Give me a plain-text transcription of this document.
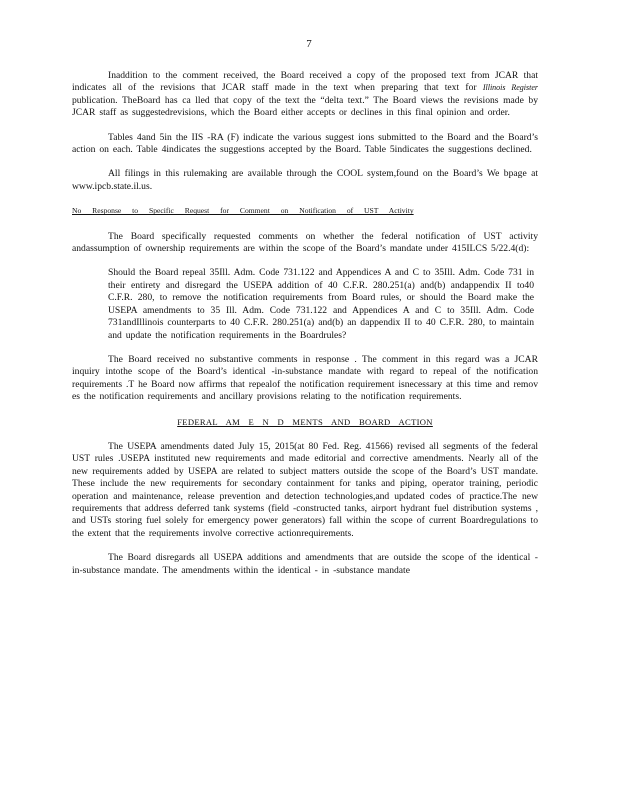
7

Inaddition to the comment received, the Board received a copy of the proposed text from JCAR that indicates all of the revisions that JCAR staff made in the text when preparing that text for Illinois Register publication. TheBoard has ca lled that copy of the text the “delta text.” The Board views the revisions made by JCAR staff as suggestedrevisions, which the Board either accepts or declines in this final opinion and order.

Tables 4and 5in the IIS -RA (F) indicate the various suggest ions submitted to the Board and the Board’s action on each. Table 4indicates the suggestions accepted by the Board. Table 5indicates the suggestions declined.

All filings in this rulemaking are available through the COOL system,found on the Board’s We bpage at www.ipcb.state.il.us.

No Response to Specific Request for Comment on Notification of UST Activity

The Board specifically requested comments on whether the federal notification of UST activity andassumption of ownership requirements are within the scope of the Board’s mandate under 415ILCS 5/22.4(d):

Should the Board repeal 35Ill. Adm. Code 731.122 and Appendices A and C to 35Ill. Adm. Code 731 in their entirety and disregard the USEPA addition of 40 C.F.R. 280.251(a) and(b) andappendix II to40 C.F.R. 280, to remove the notification requirements from Board rules, or should the Board make the USEPA amendments to 35 Ill. Adm. Code 731.122 and Appendices A and C to 35Ill. Adm. Code 731andIllinois counterparts to 40 C.F.R. 280.251(a) and(b) an dappendix II to 40 C.F.R. 280, to maintain and update the notification requirements in the Boardrules?

The Board received no substantive comments in response . The comment in this regard was a JCAR inquiry intothe scope of the Board’s identical -in-substance mandate with regard to repeal of the notification requirements .T he Board now affirms that repealof the notification requirement isnecessary at this time and remov es the notification requirements and ancillary provisions relating to the notification requirements.

FEDERAL AM E N D MENTS AND BOARD ACTION

The USEPA amendments dated July 15, 2015(at 80 Fed. Reg. 41566) revised all segments of the federal UST rules .USEPA instituted new requirements and made editorial and corrective amendments. Nearly all of the new requirements added by USEPA are related to subject matters outside the scope of the Board’s UST mandate. These include the new requirements for secondary containment for tanks and piping, operator training, periodic operation and maintenance, release prevention and detection technologies,and updated codes of practice.The new requirements that address deferred tank systems (field -constructed tanks, airport hydrant fuel distribution systems , and USTs storing fuel solely for emergency power generators) fall within the scope of current Boardregulations to the extent that the requirements involve corrective actionrequirements.

The Board disregards all USEPA additions and amendments that are outside the scope of the identical -in-substance mandate. The amendments within the identical - in -substance mandate
